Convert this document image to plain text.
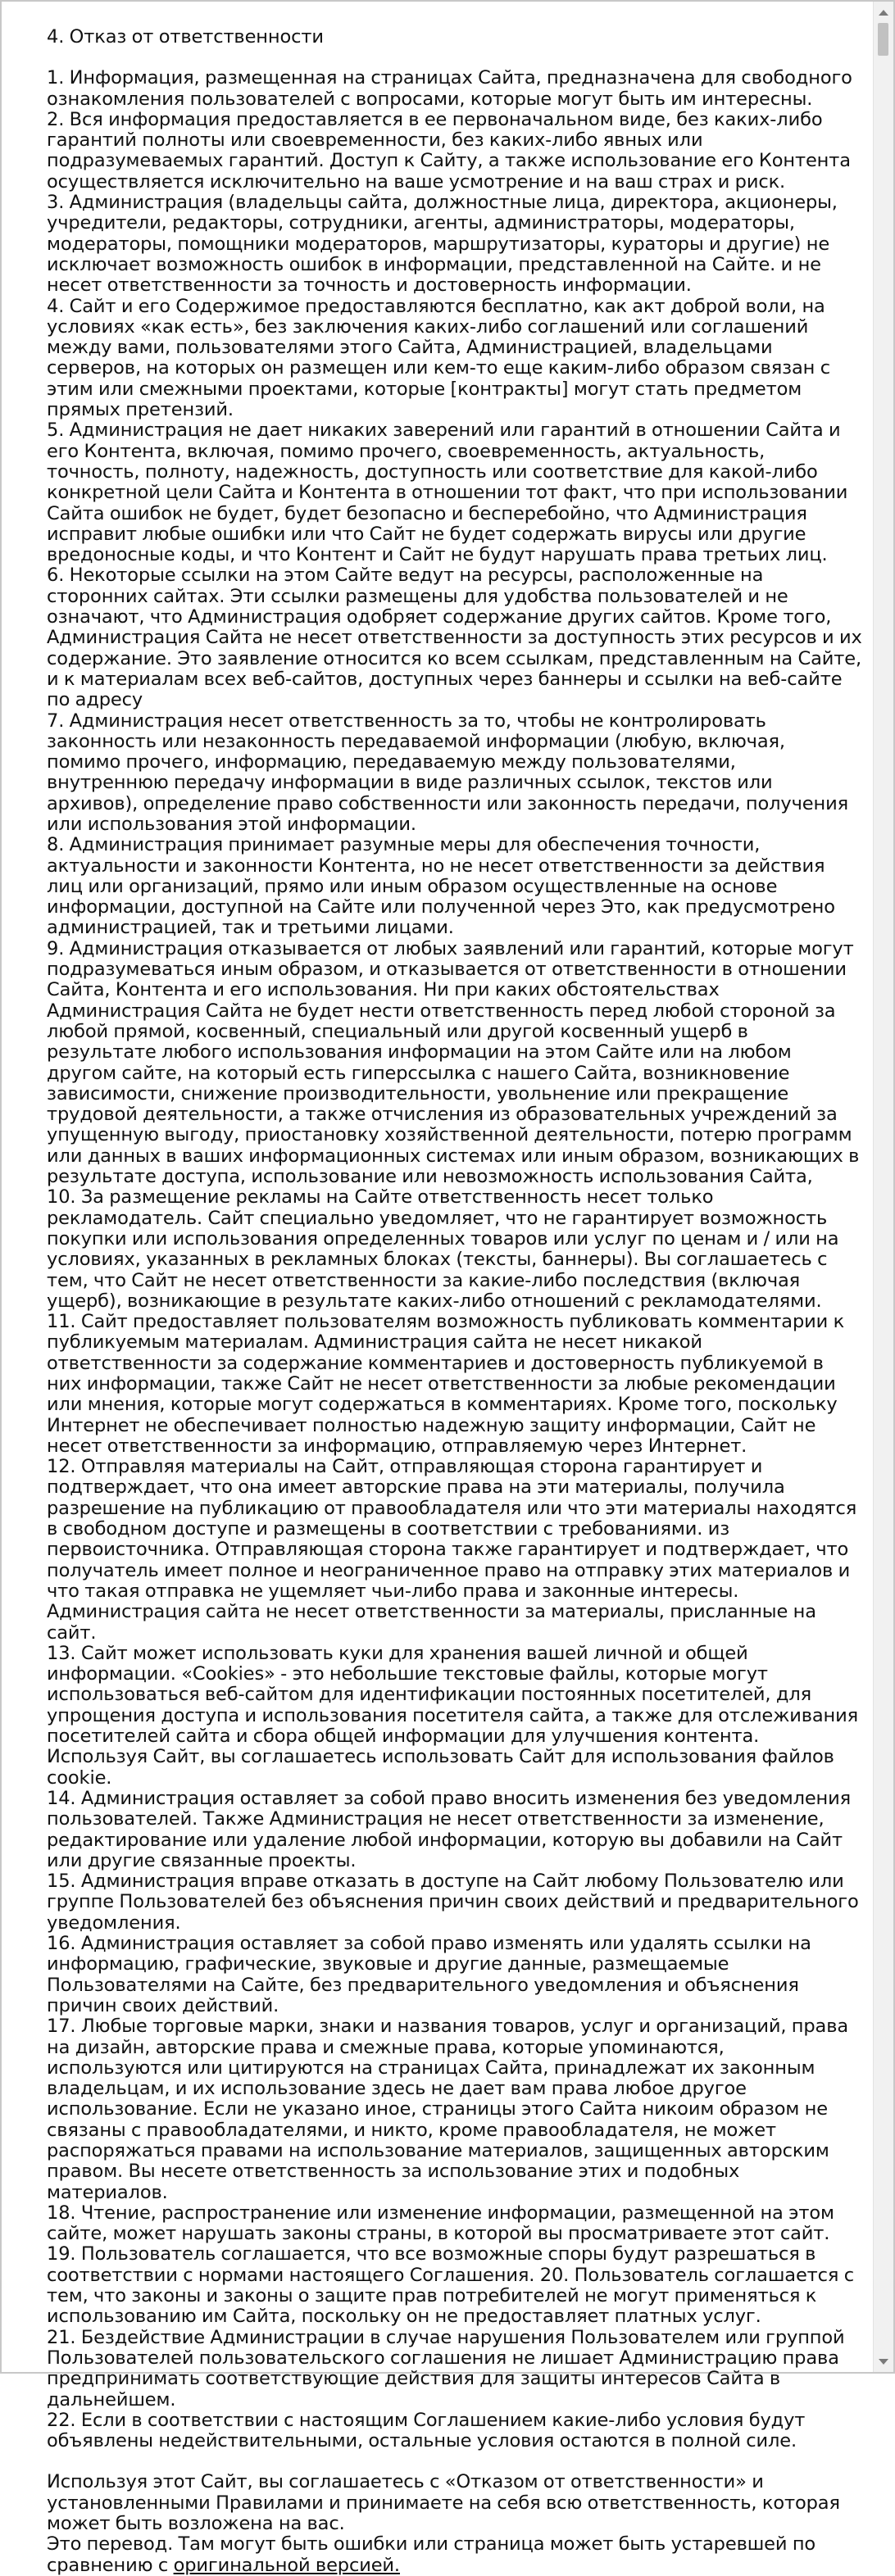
4. Отказ от ответственности

1. Информация, размещенная на страницах Сайта, предназначена для свободного ознакомления пользователей с вопросами, которые могут быть им интересны.

2. Вся информация предоставляется в ее первоначальном виде, без каких-либо гарантий полноты или своевременности, без каких-либо явных или подразумеваемых гарантий. Доступ к Сайту, а также использование его Контента осуществляется исключительно на ваше усмотрение и на ваш страх и риск.

3. Администрация (владельцы сайта, должностные лица, директора, акционеры, учредители, редакторы, сотрудники, агенты, администраторы, модераторы, модераторы, помощники модераторов, маршрутизаторы, кураторы и другие) не исключает возможность ошибок в информации, представленной на Сайте. и не несет ответственности за точность и достоверность информации.

4. Сайт и его Содержимое предоставляются бесплатно, как акт доброй воли, на условиях «как есть», без заключения каких-либо соглашений или соглашений между вами, пользователями этого Сайта, Администрацией, владельцами серверов, на которых он размещен или кем-то еще каким-либо образом связан с этим или смежными проектами, которые [контракты] могут стать предметом прямых претензий.

5. Администрация не дает никаких заверений или гарантий в отношении Сайта и его Контента, включая, помимо прочего, своевременность, актуальность, точность, полноту, надежность, доступность или соответствие для какой-либо конкретной цели Сайта и Контента в отношении тот факт, что при использовании Сайта ошибок не будет, будет безопасно и бесперебойно, что Администрация исправит любые ошибки или что Сайт не будет содержать вирусы или другие вредоносные коды, и что Контент и Сайт не будут нарушать права третьих лиц.

6. Некоторые ссылки на этом Сайте ведут на ресурсы, расположенные на сторонних сайтах. Эти ссылки размещены для удобства пользователей и не означают, что Администрация одобряет содержание других сайтов. Кроме того, Администрация Сайта не несет ответственности за доступность этих ресурсов и их содержание. Это заявление относится ко всем ссылкам, представленным на Сайте, и к материалам всех веб-сайтов, доступных через баннеры и ссылки на веб-сайте по адресу

7. Администрация несет ответственность за то, чтобы не контролировать законность или незаконность передаваемой информации (любую, включая, помимо прочего, информацию, передаваемую между пользователями, внутреннюю передачу информации в виде различных ссылок, текстов или архивов), определение право собственности или законность передачи, получения или использования этой информации.

8. Администрация принимает разумные меры для обеспечения точности, актуальности и законности Контента, но не несет ответственности за действия лиц или организаций, прямо или иным образом осуществленные на основе информации, доступной на Сайте или полученной через Это, как предусмотрено администрацией, так и третьими лицами.

9. Администрация отказывается от любых заявлений или гарантий, которые могут подразумеваться иным образом, и отказывается от ответственности в отношении Сайта, Контента и его использования. Ни при каких обстоятельствах Администрация Сайта не будет нести ответственность перед любой стороной за любой прямой, косвенный, специальный или другой косвенный ущерб в результате любого использования информации на этом Сайте или на любом другом сайте, на который есть гиперссылка с нашего Сайта, возникновение зависимости, снижение производительности, увольнение или прекращение трудовой деятельности, а также отчисления из образовательных учреждений за упущенную выгоду, приостановку хозяйственной деятельности, потерю программ или данных в ваших информационных системах или иным образом, возникающих в результате доступа, использование или невозможность использования Сайта,

10. За размещение рекламы на Сайте ответственность несет только рекламодатель. Сайт специально уведомляет, что не гарантирует возможность покупки или использования определенных товаров или услуг по ценам и / или на условиях, указанных в рекламных блоках (тексты, баннеры). Вы соглашаетесь с тем, что Сайт не несет ответственности за какие-либо последствия (включая ущерб), возникающие в результате каких-либо отношений с рекламодателями.

11. Сайт предоставляет пользователям возможность публиковать комментарии к публикуемым материалам. Администрация сайта не несет никакой ответственности за содержание комментариев и достоверность публикуемой в них информации, также Сайт не несет ответственности за любые рекомендации или мнения, которые могут содержаться в комментариях. Кроме того, поскольку Интернет не обеспечивает полностью надежную защиту информации, Сайт не несет ответственности за информацию, отправляемую через Интернет.

12. Отправляя материалы на Сайт, отправляющая сторона гарантирует и подтверждает, что она имеет авторские права на эти материалы, получила разрешение на публикацию от правообладателя или что эти материалы находятся в свободном доступе и размещены в соответствии с требованиями. из первоисточника. Отправляющая сторона также гарантирует и подтверждает, что получатель имеет полное и неограниченное право на отправку этих материалов и что такая отправка не ущемляет чьи-либо права и законные интересы. Администрация сайта не несет ответственности за материалы, присланные на сайт.

13. Сайт может использовать куки для хранения вашей личной и общей информации. «Cookies» - это небольшие текстовые файлы, которые могут использоваться веб-сайтом для идентификации постоянных посетителей, для упрощения доступа и использования посетителя сайта, а также для отслеживания посетителей сайта и сбора общей информации для улучшения контента. Используя Сайт, вы соглашаетесь использовать Сайт для использования файлов cookie.

14. Администрация оставляет за собой право вносить изменения без уведомления пользователей. Также Администрация не несет ответственности за изменение, редактирование или удаление любой информации, которую вы добавили на Сайт или другие связанные проекты.

15. Администрация вправе отказать в доступе на Сайт любому Пользователю или группе Пользователей без объяснения причин своих действий и предварительного уведомления.

16. Администрация оставляет за собой право изменять или удалять ссылки на информацию, графические, звуковые и другие данные, размещаемые Пользователями на Сайте, без предварительного уведомления и объяснения причин своих действий.

17. Любые торговые марки, знаки и названия товаров, услуг и организаций, права на дизайн, авторские права и смежные права, которые упоминаются, используются или цитируются на страницах Сайта, принадлежат их законным владельцам, и их использование здесь не дает вам права любое другое использование. Если не указано иное, страницы этого Сайта никоим образом не связаны с правообладателями, и никто, кроме правообладателя, не может распоряжаться правами на использование материалов, защищенных авторским правом. Вы несете ответственность за использование этих и подобных материалов.

18. Чтение, распространение или изменение информации, размещенной на этом сайте, может нарушать законы страны, в которой вы просматриваете этот сайт.

19. Пользователь соглашается, что все возможные споры будут разрешаться в соответствии с нормами настоящего Соглашения. 20. Пользователь соглашается с тем, что законы и законы о защите прав потребителей не могут применяться к использованию им Сайта, поскольку он не предоставляет платных услуг.

21. Бездействие Администрации в случае нарушения Пользователем или группой Пользователей пользовательского соглашения не лишает Администрацию права предпринимать соответствующие действия для защиты интересов Сайта в дальнейшем.

22. Если в соответствии с настоящим Соглашением какие-либо условия будут объявлены недействительными, остальные условия остаются в полной силе.

Используя этот Сайт, вы соглашаетесь с «Отказом от ответственности» и установленными Правилами и принимаете на себя всю ответственность, которая может быть возложена на вас.

Это перевод. Там могут быть ошибки или страница может быть устаревшей по сравнению с оригинальной версией.
